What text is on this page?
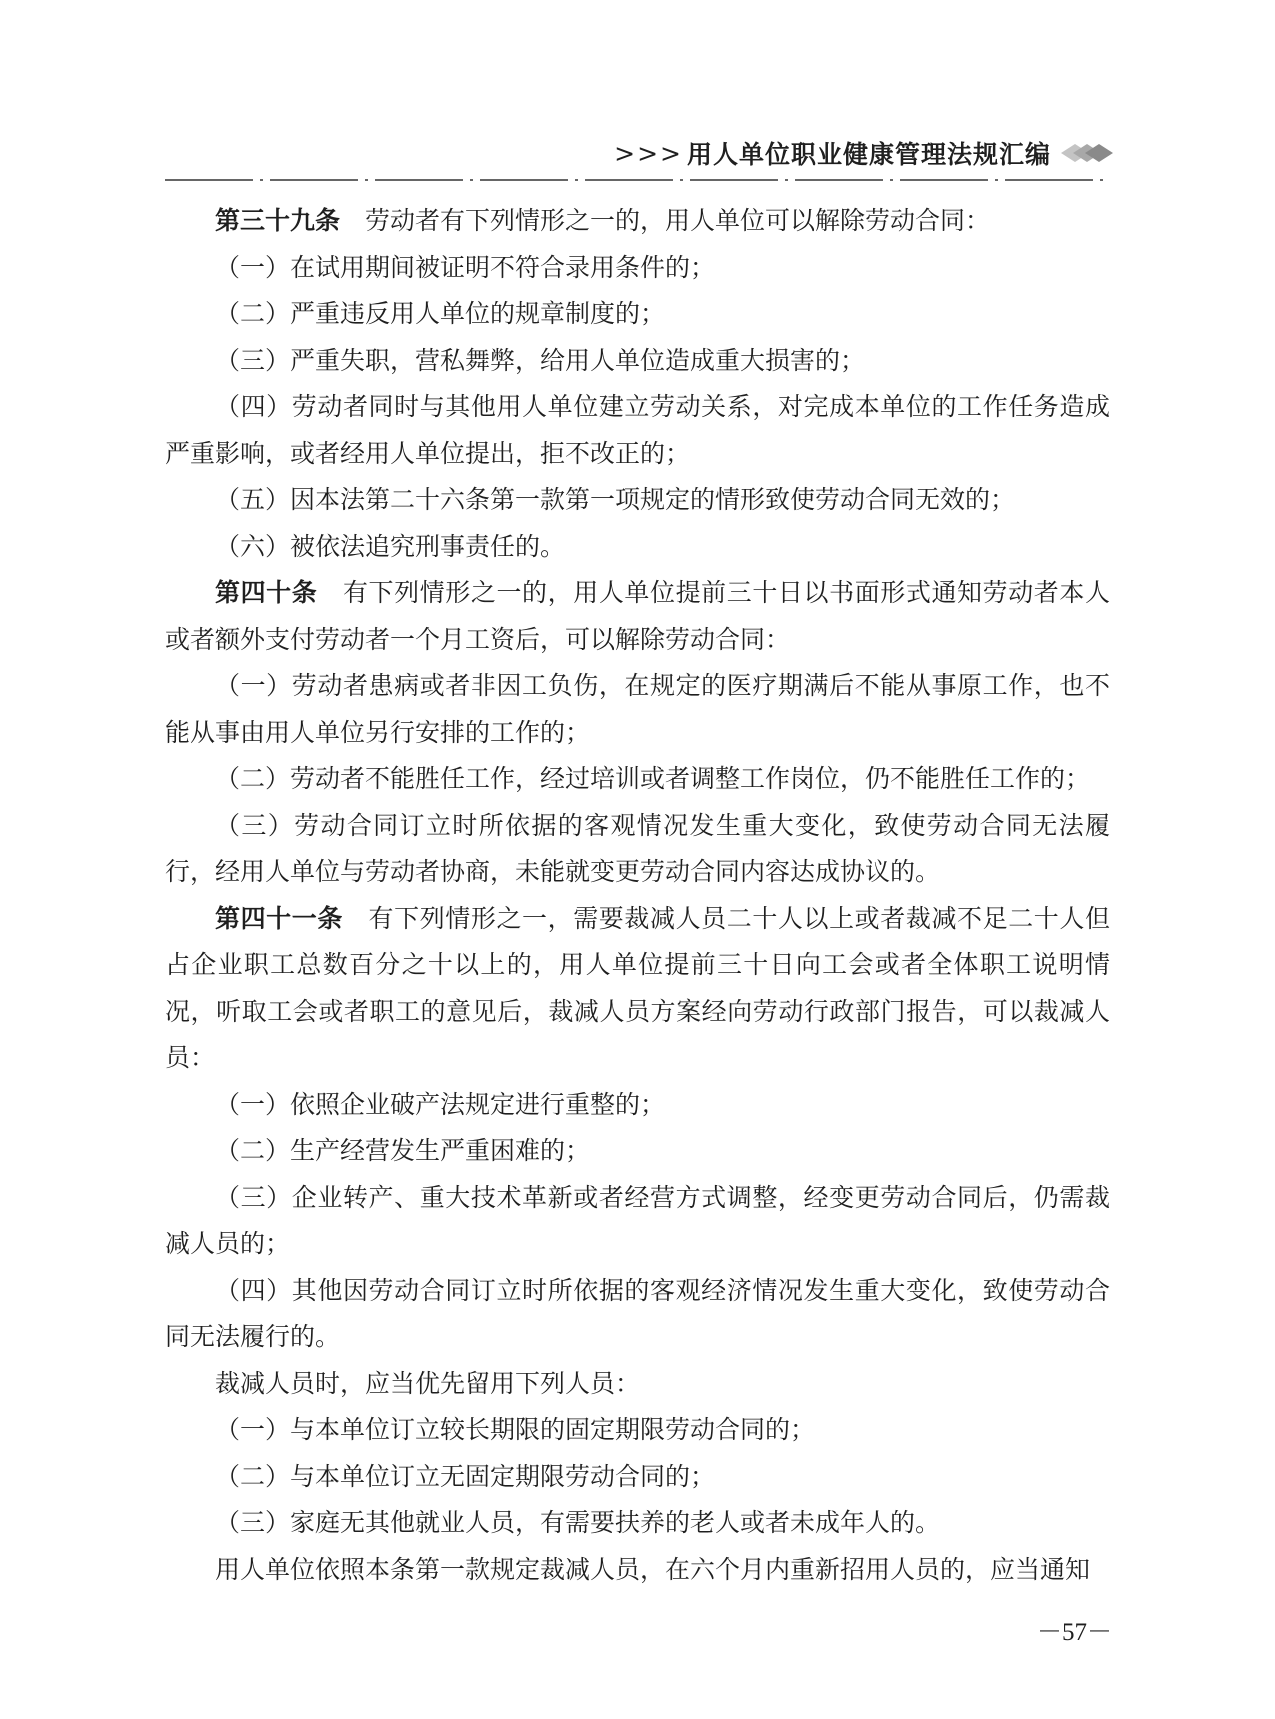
>>> 用人单位职业健康管理法规汇编

第三十九条  劳动者有下列情形之一的，用人单位可以解除劳动合同：

（一）在试用期间被证明不符合录用条件的；

（二）严重违反用人单位的规章制度的；

（三）严重失职，营私舞弊，给用人单位造成重大损害的；

（四）劳动者同时与其他用人单位建立劳动关系，对完成本单位的工作任务造成严重影响，或者经用人单位提出，拒不改正的；

（五）因本法第二十六条第一款第一项规定的情形致使劳动合同无效的；

（六）被依法追究刑事责任的。

第四十条  有下列情形之一的，用人单位提前三十日以书面形式通知劳动者本人或者额外支付劳动者一个月工资后，可以解除劳动合同：

（一）劳动者患病或者非因工负伤，在规定的医疗期满后不能从事原工作，也不能从事由用人单位另行安排的工作的；

（二）劳动者不能胜任工作，经过培训或者调整工作岗位，仍不能胜任工作的；

（三）劳动合同订立时所依据的客观情况发生重大变化，致使劳动合同无法履行，经用人单位与劳动者协商，未能就变更劳动合同内容达成协议的。

第四十一条  有下列情形之一，需要裁减人员二十人以上或者裁减不足二十人但占企业职工总数百分之十以上的，用人单位提前三十日向工会或者全体职工说明情况，听取工会或者职工的意见后，裁减人员方案经向劳动行政部门报告，可以裁减人员：

（一）依照企业破产法规定进行重整的；

（二）生产经营发生严重困难的；

（三）企业转产、重大技术革新或者经营方式调整，经变更劳动合同后，仍需裁减人员的；

（四）其他因劳动合同订立时所依据的客观经济情况发生重大变化，致使劳动合同无法履行的。

裁减人员时，应当优先留用下列人员：

（一）与本单位订立较长期限的固定期限劳动合同的；

（二）与本单位订立无固定期限劳动合同的；

（三）家庭无其他就业人员，有需要扶养的老人或者未成年人的。

用人单位依照本条第一款规定裁减人员，在六个月内重新招用人员的，应当通知

－57－
